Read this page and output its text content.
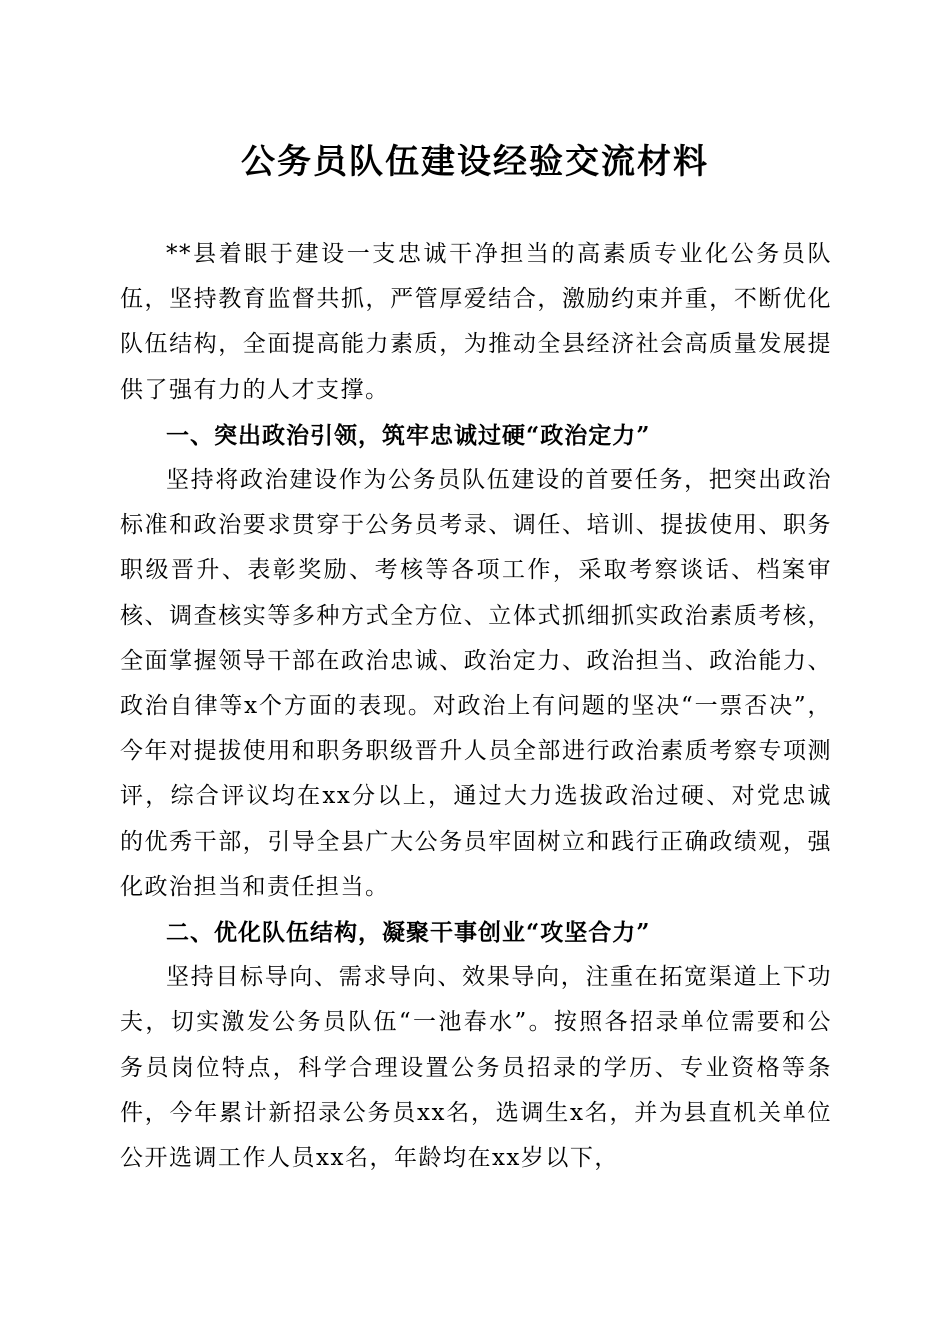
公务员队伍建设经验交流材料

**县着眼于建设一支忠诚干净担当的高素质专业化公务员队伍，坚持教育监督共抓，严管厚爱结合，激励约束并重，不断优化队伍结构，全面提高能力素质，为推动全县经济社会高质量发展提供了强有力的人才支撑。

一、突出政治引领，筑牢忠诚过硬“政治定力”

坚持将政治建设作为公务员队伍建设的首要任务，把突出政治标准和政治要求贯穿于公务员考录、调任、培训、提拔使用、职务职级晋升、表彰奖励、考核等各项工作，采取考察谈话、档案审核、调查核实等多种方式全方位、立体式抓细抓实政治素质考核，全面掌握领导干部在政治忠诚、政治定力、政治担当、政治能力、政治自律等x个方面的表现。对政治上有问题的坚决“一票否决”，今年对提拔使用和职务职级晋升人员全部进行政治素质考察专项测评，综合评议均在xx分以上，通过大力选拔政治过硬、对党忠诚的优秀干部，引导全县广大公务员牢固树立和践行正确政绩观，强化政治担当和责任担当。

二、优化队伍结构，凝聚干事创业“攻坚合力”

坚持目标导向、需求导向、效果导向，注重在拓宽渠道上下功夫，切实激发公务员队伍“一池春水”。按照各招录单位需要和公务员岗位特点，科学合理设置公务员招录的学历、专业资格等条件，今年累计新招录公务员xx名，选调生x名，并为县直机关单位公开选调工作人员xx名，年龄均在xx岁以下，
